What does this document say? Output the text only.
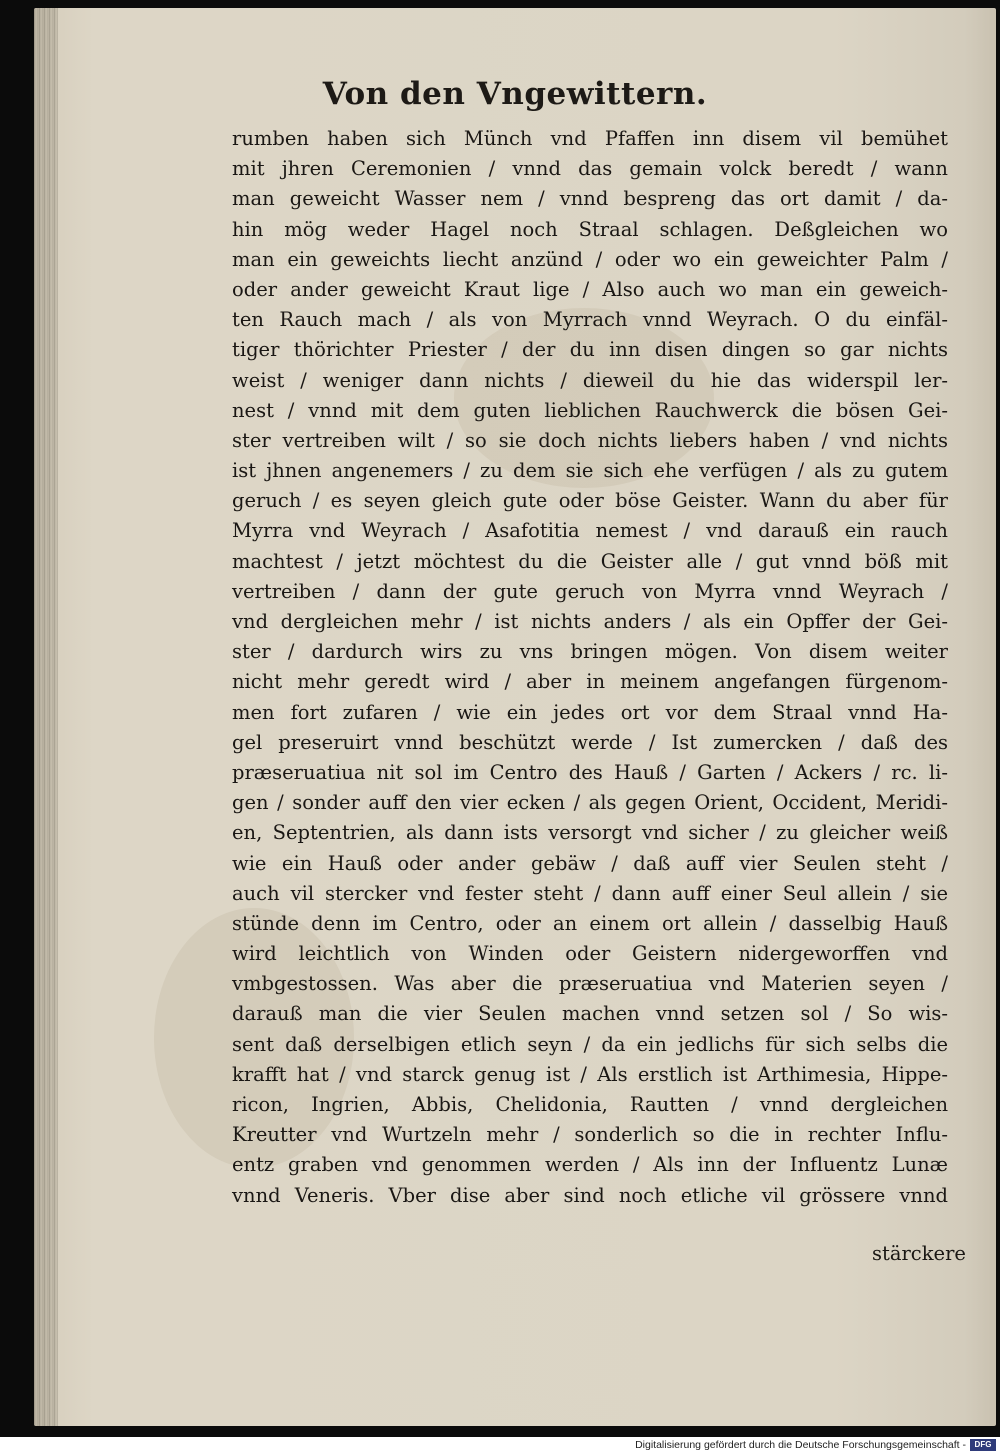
Von den Vngewittern.
rumben haben sich Münch vnd Pfaffen inn disem vil bemühet
mit jhren Ceremonien / vnnd das gemain volck beredt / wann
man geweicht Wasser nem / vnnd bespreng das ort damit / da-
hin mög weder Hagel noch Straal schlagen. Deßgleichen wo
man ein geweichts liecht anzünd / oder wo ein geweichter Palm /
oder ander geweicht Kraut lige / Also auch wo man ein geweich-
ten Rauch mach / als von Myrrach vnnd Weyrach. O du einfäl-
tiger thörichter Priester / der du inn disen dingen so gar nichts
weist / weniger dann nichts / dieweil du hie das widerspil ler-
nest / vnnd mit dem guten lieblichen Rauchwerck die bösen Gei-
ster vertreiben wilt / so sie doch nichts liebers haben / vnd nichts
ist jhnen angenemers / zu dem sie sich ehe verfügen / als zu gutem
geruch / es seyen gleich gute oder böse Geister. Wann du aber für
Myrra vnd Weyrach / Asafotitia nemest / vnd darauß ein rauch
machtest / jetzt möchtest du die Geister alle / gut vnnd böß mit
vertreiben / dann der gute geruch von Myrra vnnd Weyrach /
vnd dergleichen mehr / ist nichts anders / als ein Opffer der Gei-
ster / dardurch wirs zu vns bringen mögen. Von disem weiter
nicht mehr geredt wird / aber in meinem angefangen fürgenom-
men fort zufaren / wie ein jedes ort vor dem Straal vnnd Ha-
gel preseruirt vnnd beschützt werde / Ist zumercken / daß des
præseruatiua nit sol im Centro des Hauß / Garten / Ackers / rc. li-
gen / sonder auff den vier ecken / als gegen Orient, Occident, Meridi-
en, Septentrien, als dann ists versorgt vnd sicher / zu gleicher weiß
wie ein Hauß oder ander gebäw / daß auff vier Seulen steht /
auch vil stercker vnd fester steht / dann auff einer Seul allein / sie
stünde denn im Centro, oder an einem ort allein / dasselbig Hauß
wird leichtlich von Winden oder Geistern nidergeworffen vnd
vmbgestossen. Was aber die præseruatiua vnd Materien seyen /
darauß man die vier Seulen machen vnnd setzen sol / So wis-
sent daß derselbigen etlich seyn / da ein jedlichs für sich selbs die
krafft hat / vnd starck genug ist / Als erstlich ist Arthimesia, Hippe-
ricon, Ingrien, Abbis, Chelidonia, Rautten / vnnd dergleichen
Kreutter vnd Wurtzeln mehr / sonderlich so die in rechter Influ-
entz graben vnd genommen werden / Als inn der Influentz Lunæ
vnnd Veneris. Vber dise aber sind noch etliche vil grössere vnnd
stärckere
Digitalisierung gefördert durch die Deutsche Forschungsgemeinschaft -	DFG
